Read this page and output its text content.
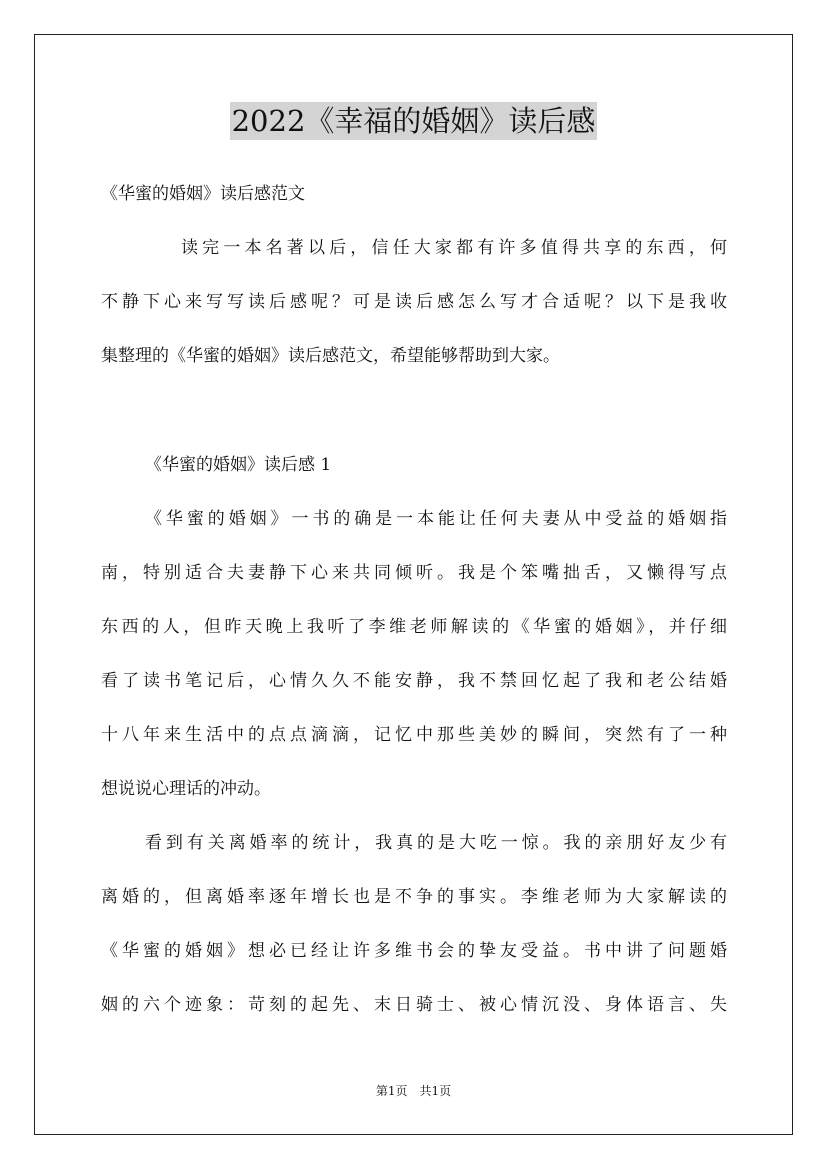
2022《幸福的婚姻》读后感
《华蜜的婚姻》读后感范文
读完一本名著以后，信任大家都有许多值得共享的东西，何
不静下心来写写读后感呢？可是读后感怎么写才合适呢？以下是我收
集整理的《华蜜的婚姻》读后感范文，希望能够帮助到大家。
《华蜜的婚姻》读后感 1
《华蜜的婚姻》一书的确是一本能让任何夫妻从中受益的婚姻指
南，特别适合夫妻静下心来共同倾听。我是个笨嘴拙舌，又懒得写点
东西的人，但昨天晚上我听了李维老师解读的《华蜜的婚姻》，并仔细
看了读书笔记后，心情久久不能安静，我不禁回忆起了我和老公结婚
十八年来生活中的点点滴滴，记忆中那些美妙的瞬间，突然有了一种
想说说心理话的冲动。
看到有关离婚率的统计，我真的是大吃一惊。我的亲朋好友少有
离婚的，但离婚率逐年增长也是不争的事实。李维老师为大家解读的
《华蜜的婚姻》想必已经让许多维书会的挚友受益。书中讲了问题婚
姻的六个迹象：苛刻的起先、末日骑士、被心情沉没、身体语言、失
第1页　共1页
